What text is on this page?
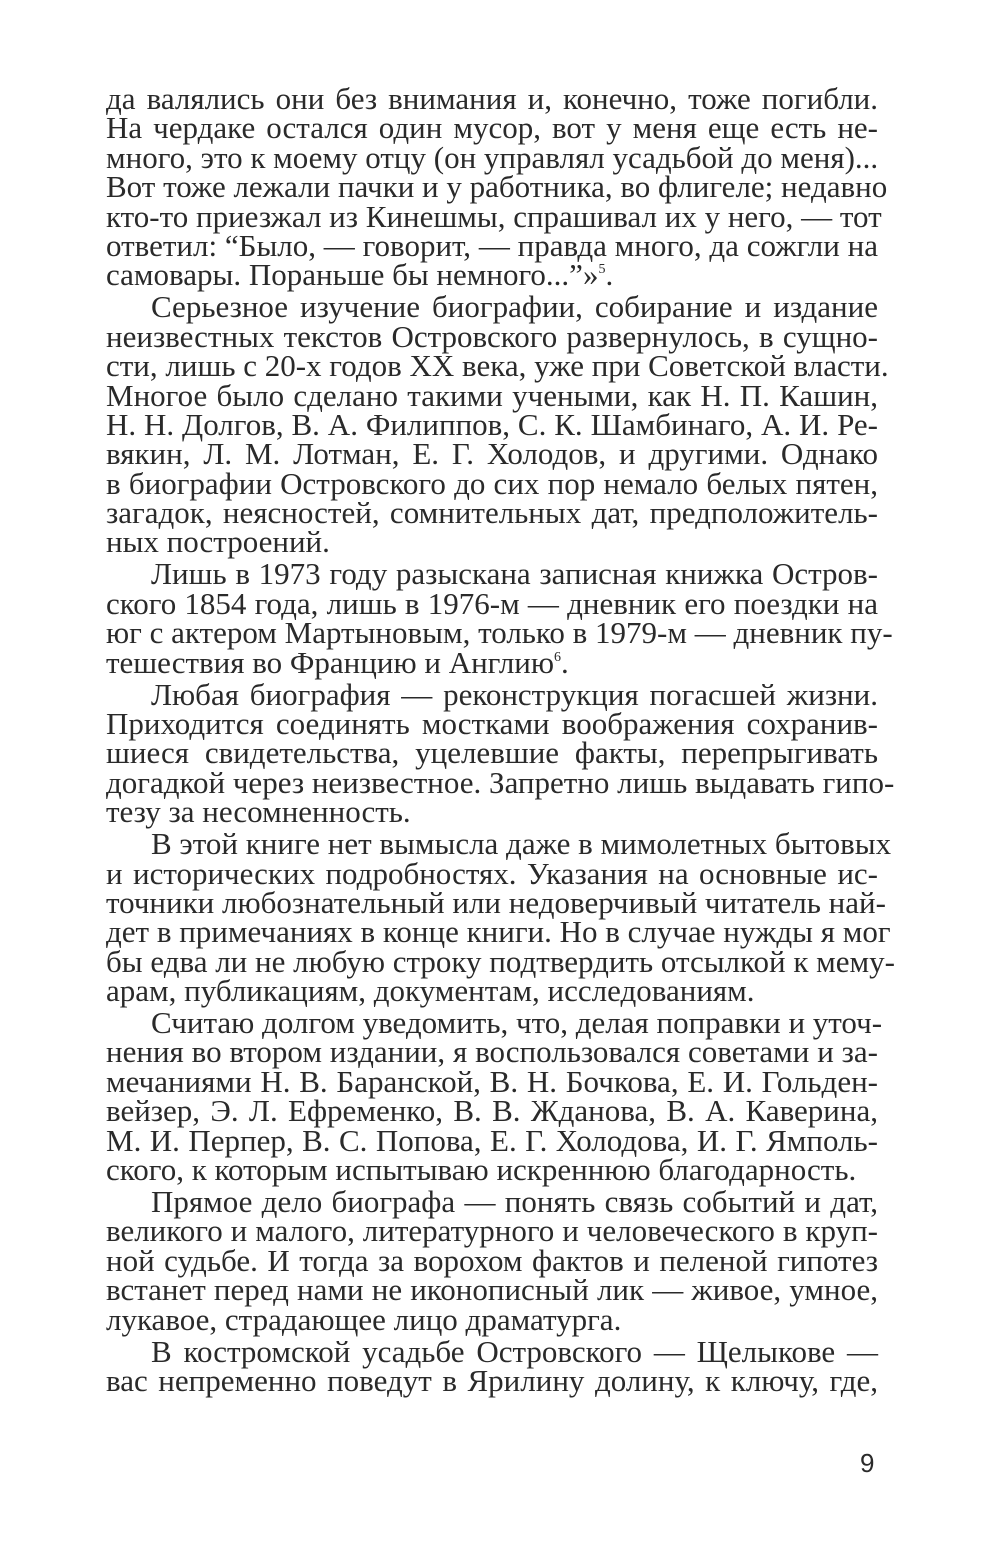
да валялись они без внимания и, конечно, тоже погибли.
На чердаке остался один мусор, вот у меня еще есть не-
много, это к моему отцу (он управлял усадьбой до меня)...
Вот тоже лежали пачки и у работника, во флигеле; недавно
кто-то приезжал из Кинешмы, спрашивал их у него, — тот
ответил: “Было, — говорит, — правда много, да сожгли на
самовары. Пораньше бы немного...”»$^5$.
Серьезное изучение биографии, собирание и издание
неизвестных текстов Островского развернулось, в сущно-
сти, лишь с 20-х годов XX века, уже при Советской власти.
Многое было сделано такими учеными, как Н. П. Кашин,
Н. Н. Долгов, В. А. Филиппов, С. К. Шамбинаго, А. И. Ре-
вякин, Л. М. Лотман, Е. Г. Холодов, и другими. Однако
в биографии Островского до сих пор немало белых пятен,
загадок, неясностей, сомнительных дат, предположитель-
ных построений.
Лишь в 1973 году разыскана записная книжка Остров-
ского 1854 года, лишь в 1976-м — дневник его поездки на
юг с актером Мартыновым, только в 1979-м — дневник пу-
тешествия во Францию и Англию$^6$.
Любая биография — реконструкция погасшей жизни.
Приходится соединять мостками воображения сохранив-
шиеся свидетельства, уцелевшие факты, перепрыгивать
догадкой через неизвестное. Запретно лишь выдавать гипо-
тезу за несомненность.
В этой книге нет вымысла даже в мимолетных бытовых
и исторических подробностях. Указания на основные ис-
точники любознательный или недоверчивый читатель най-
дет в примечаниях в конце книги. Но в случае нужды я мог
бы едва ли не любую строку подтвердить отсылкой к мему-
арам, публикациям, документам, исследованиям.
Считаю долгом уведомить, что, делая поправки и уточ-
нения во втором издании, я воспользовался советами и за-
мечаниями Н. В. Баранской, В. Н. Бочкова, Е. И. Гольден-
вейзер, Э. Л. Ефременко, В. В. Жданова, В. А. Каверина,
М. И. Перпер, В. С. Попова, Е. Г. Холодова, И. Г. Ямполь-
ского, к которым испытываю искреннюю благодарность.
Прямое дело биографа — понять связь событий и дат,
великого и малого, литературного и человеческого в круп-
ной судьбе. И тогда за ворохом фактов и пеленой гипотез
встанет перед нами не иконописный лик — живое, умное,
лукавое, страдающее лицо драматурга.
В костромской усадьбе Островского — Щелыкове —
вас непременно поведут в Ярилину долину, к ключу, где,
9
